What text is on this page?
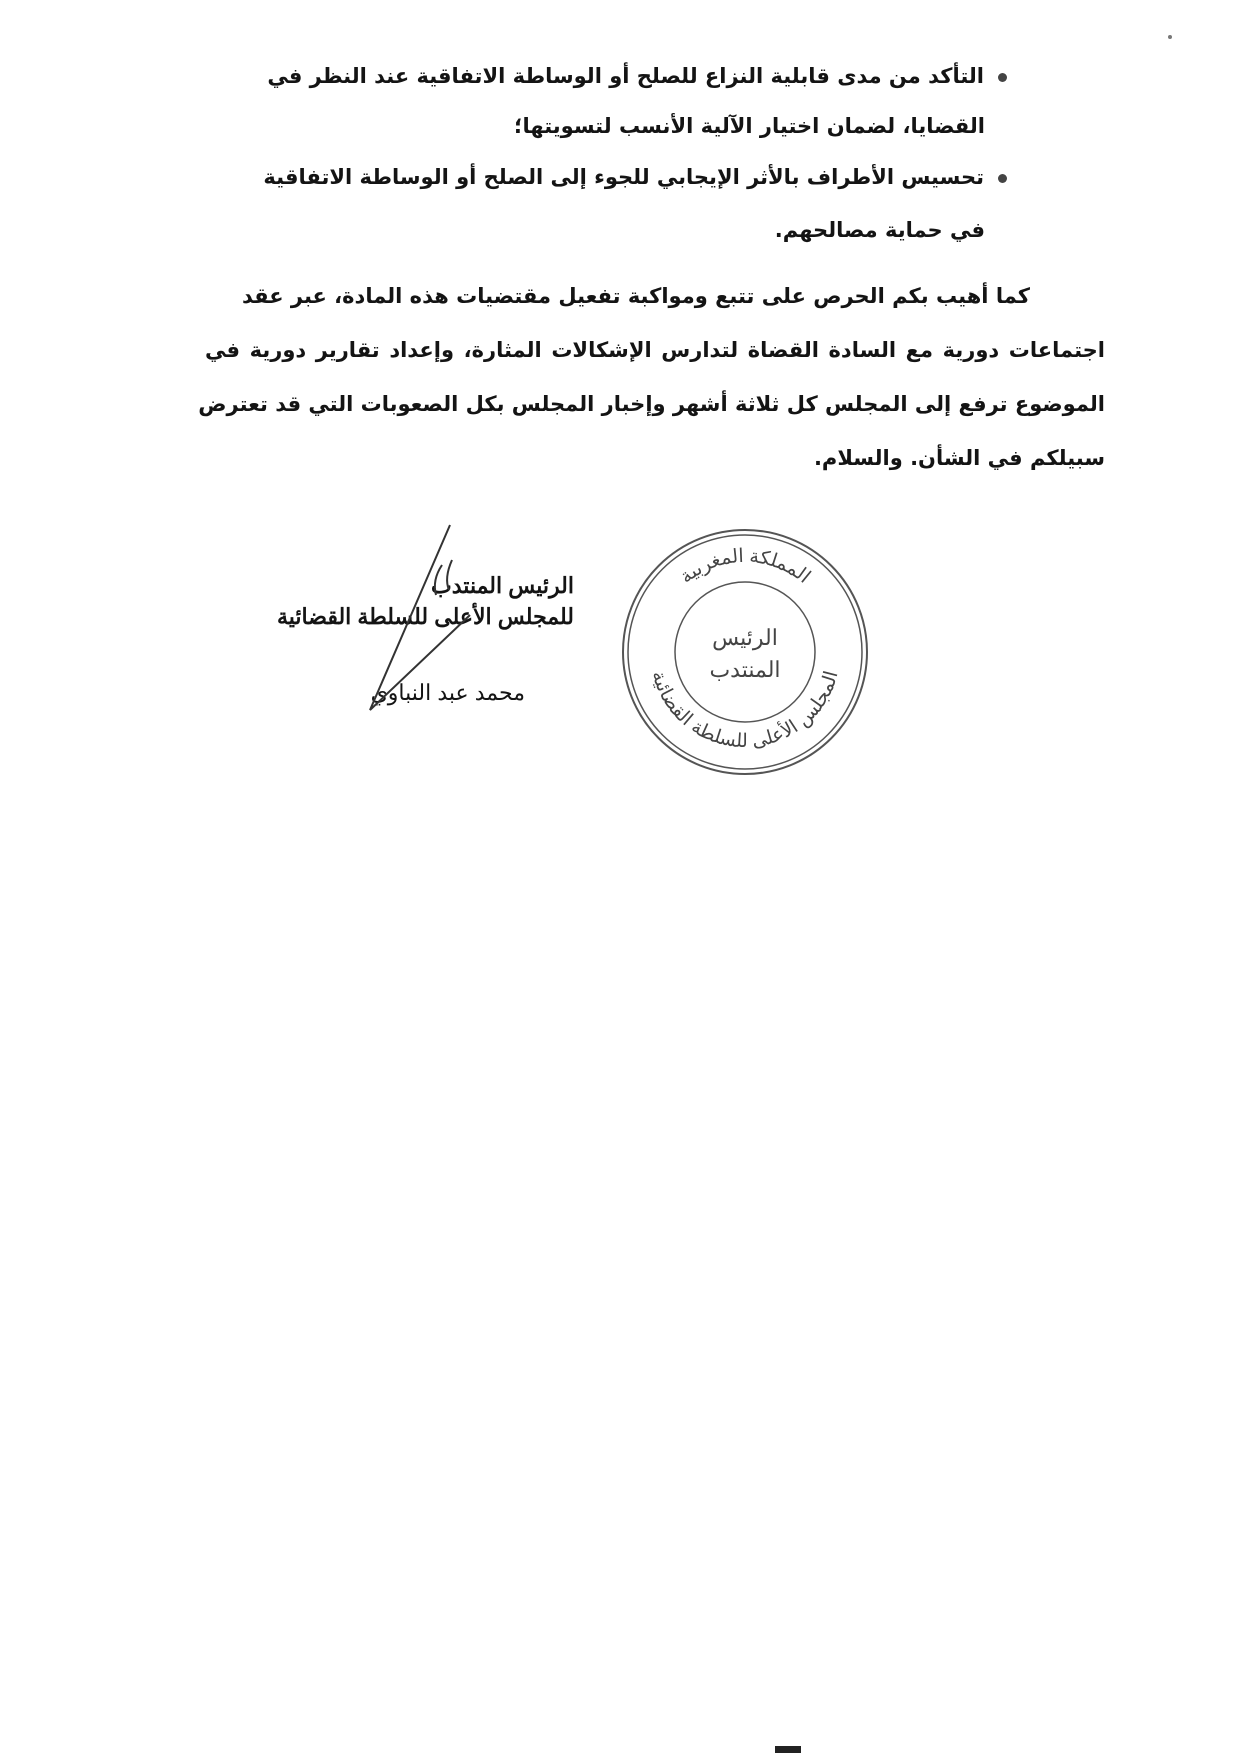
التأكد من مدى قابلية النزاع للصلح أو الوساطة الاتفاقية عند النظر في
القضايا، لضمان اختيار الآلية الأنسب لتسويتها؛
تحسيس الأطراف بالأثر الإيجابي للجوء إلى الصلح أو الوساطة الاتفاقية
في حماية مصالحهم.
كما أهيب بكم الحرص على تتبع ومواكبة تفعيل مقتضيات هذه المادة، عبر عقد
اجتماعات دورية مع السادة القضاة لتدارس الإشكالات المثارة، وإعداد تقارير دورية في
الموضوع ترفع إلى المجلس كل ثلاثة أشهر وإخبار المجلس بكل الصعوبات التي قد تعترض
سبيلكم في الشأن. والسلام.
الرئيس المنتدب
للمجلس الأعلى للسلطة القضائية
محمد عبد النباوي
المملكة المغربية
المجلس الأعلى للسلطة القضائية
الرئيس
المنتدب
